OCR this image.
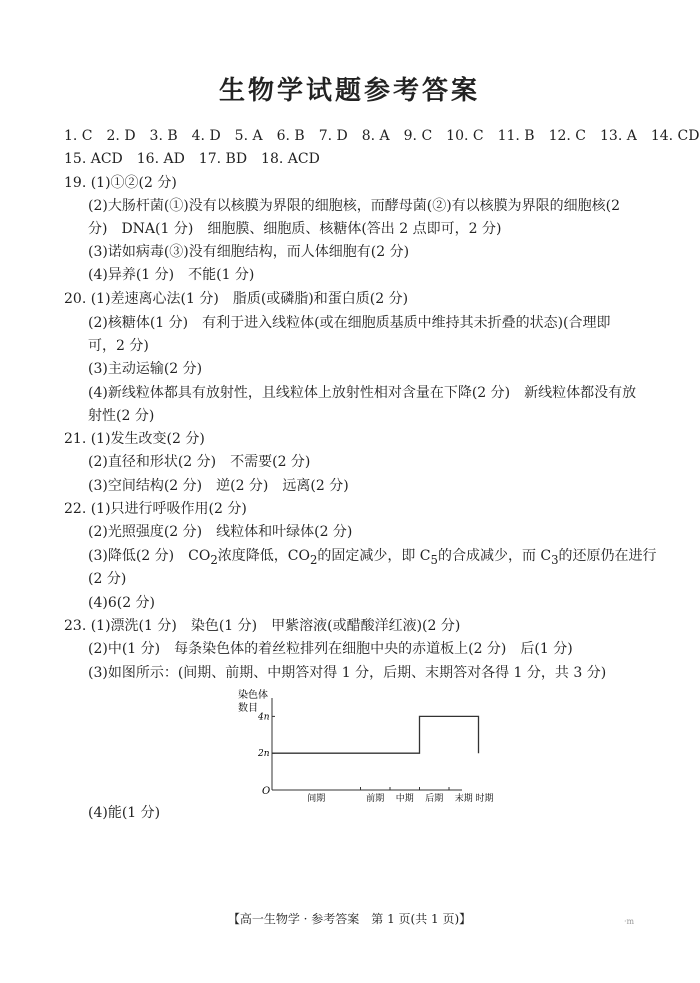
生物学试题参考答案
1. C　2. D　3. B　4. D　5. A　6. B　7. D　8. A　9. C　10. C　11. B　12. C　13. A　14. CD
15. ACD　16. AD　17. BD　18. ACD
19. (1)①②(2 分)
(2)大肠杆菌(①)没有以核膜为界限的细胞核，而酵母菌(②)有以核膜为界限的细胞核(2
分)　DNA(1 分)　细胞膜、细胞质、核糖体(答出 2 点即可，2 分)
(3)诺如病毒(③)没有细胞结构，而人体细胞有(2 分)
(4)异养(1 分)　不能(1 分)
20. (1)差速离心法(1 分)　脂质(或磷脂)和蛋白质(2 分)
(2)核糖体(1 分)　有利于进入线粒体(或在细胞质基质中维持其未折叠的状态)(合理即
可，2 分)
(3)主动运输(2 分)
(4)新线粒体都具有放射性，且线粒体上放射性相对含量在下降(2 分)　新线粒体都没有放
射性(2 分)
21. (1)发生改变(2 分)
(2)直径和形状(2 分)　不需要(2 分)
(3)空间结构(2 分)　逆(2 分)　远离(2 分)
22. (1)只进行呼吸作用(2 分)
(2)光照强度(2 分)　线粒体和叶绿体(2 分)
(3)降低(2 分)　$CO_2$浓度降低，$CO_2$的固定减少，即 $C_5$的合成减少，而 $C_3$的还原仍在进行
(2 分)
(4)6(2 分)
23. (1)漂洗(1 分)　染色(1 分)　甲紫溶液(或醋酸洋红液)(2 分)
(2)中(1 分)　每条染色体的着丝粒排列在细胞中央的赤道板上(2 分)　后(1 分)
(3)如图所示：(间期、前期、中期答对得 1 分，后期、末期答对各得 1 分，共 3 分)
染色体
数目
O
4n
2n
间期	前期 中期 后期 末期 时期
(4)能(1 分)
【高一生物学 · 参考答案　第 1 页(共 1 页)】	·m
